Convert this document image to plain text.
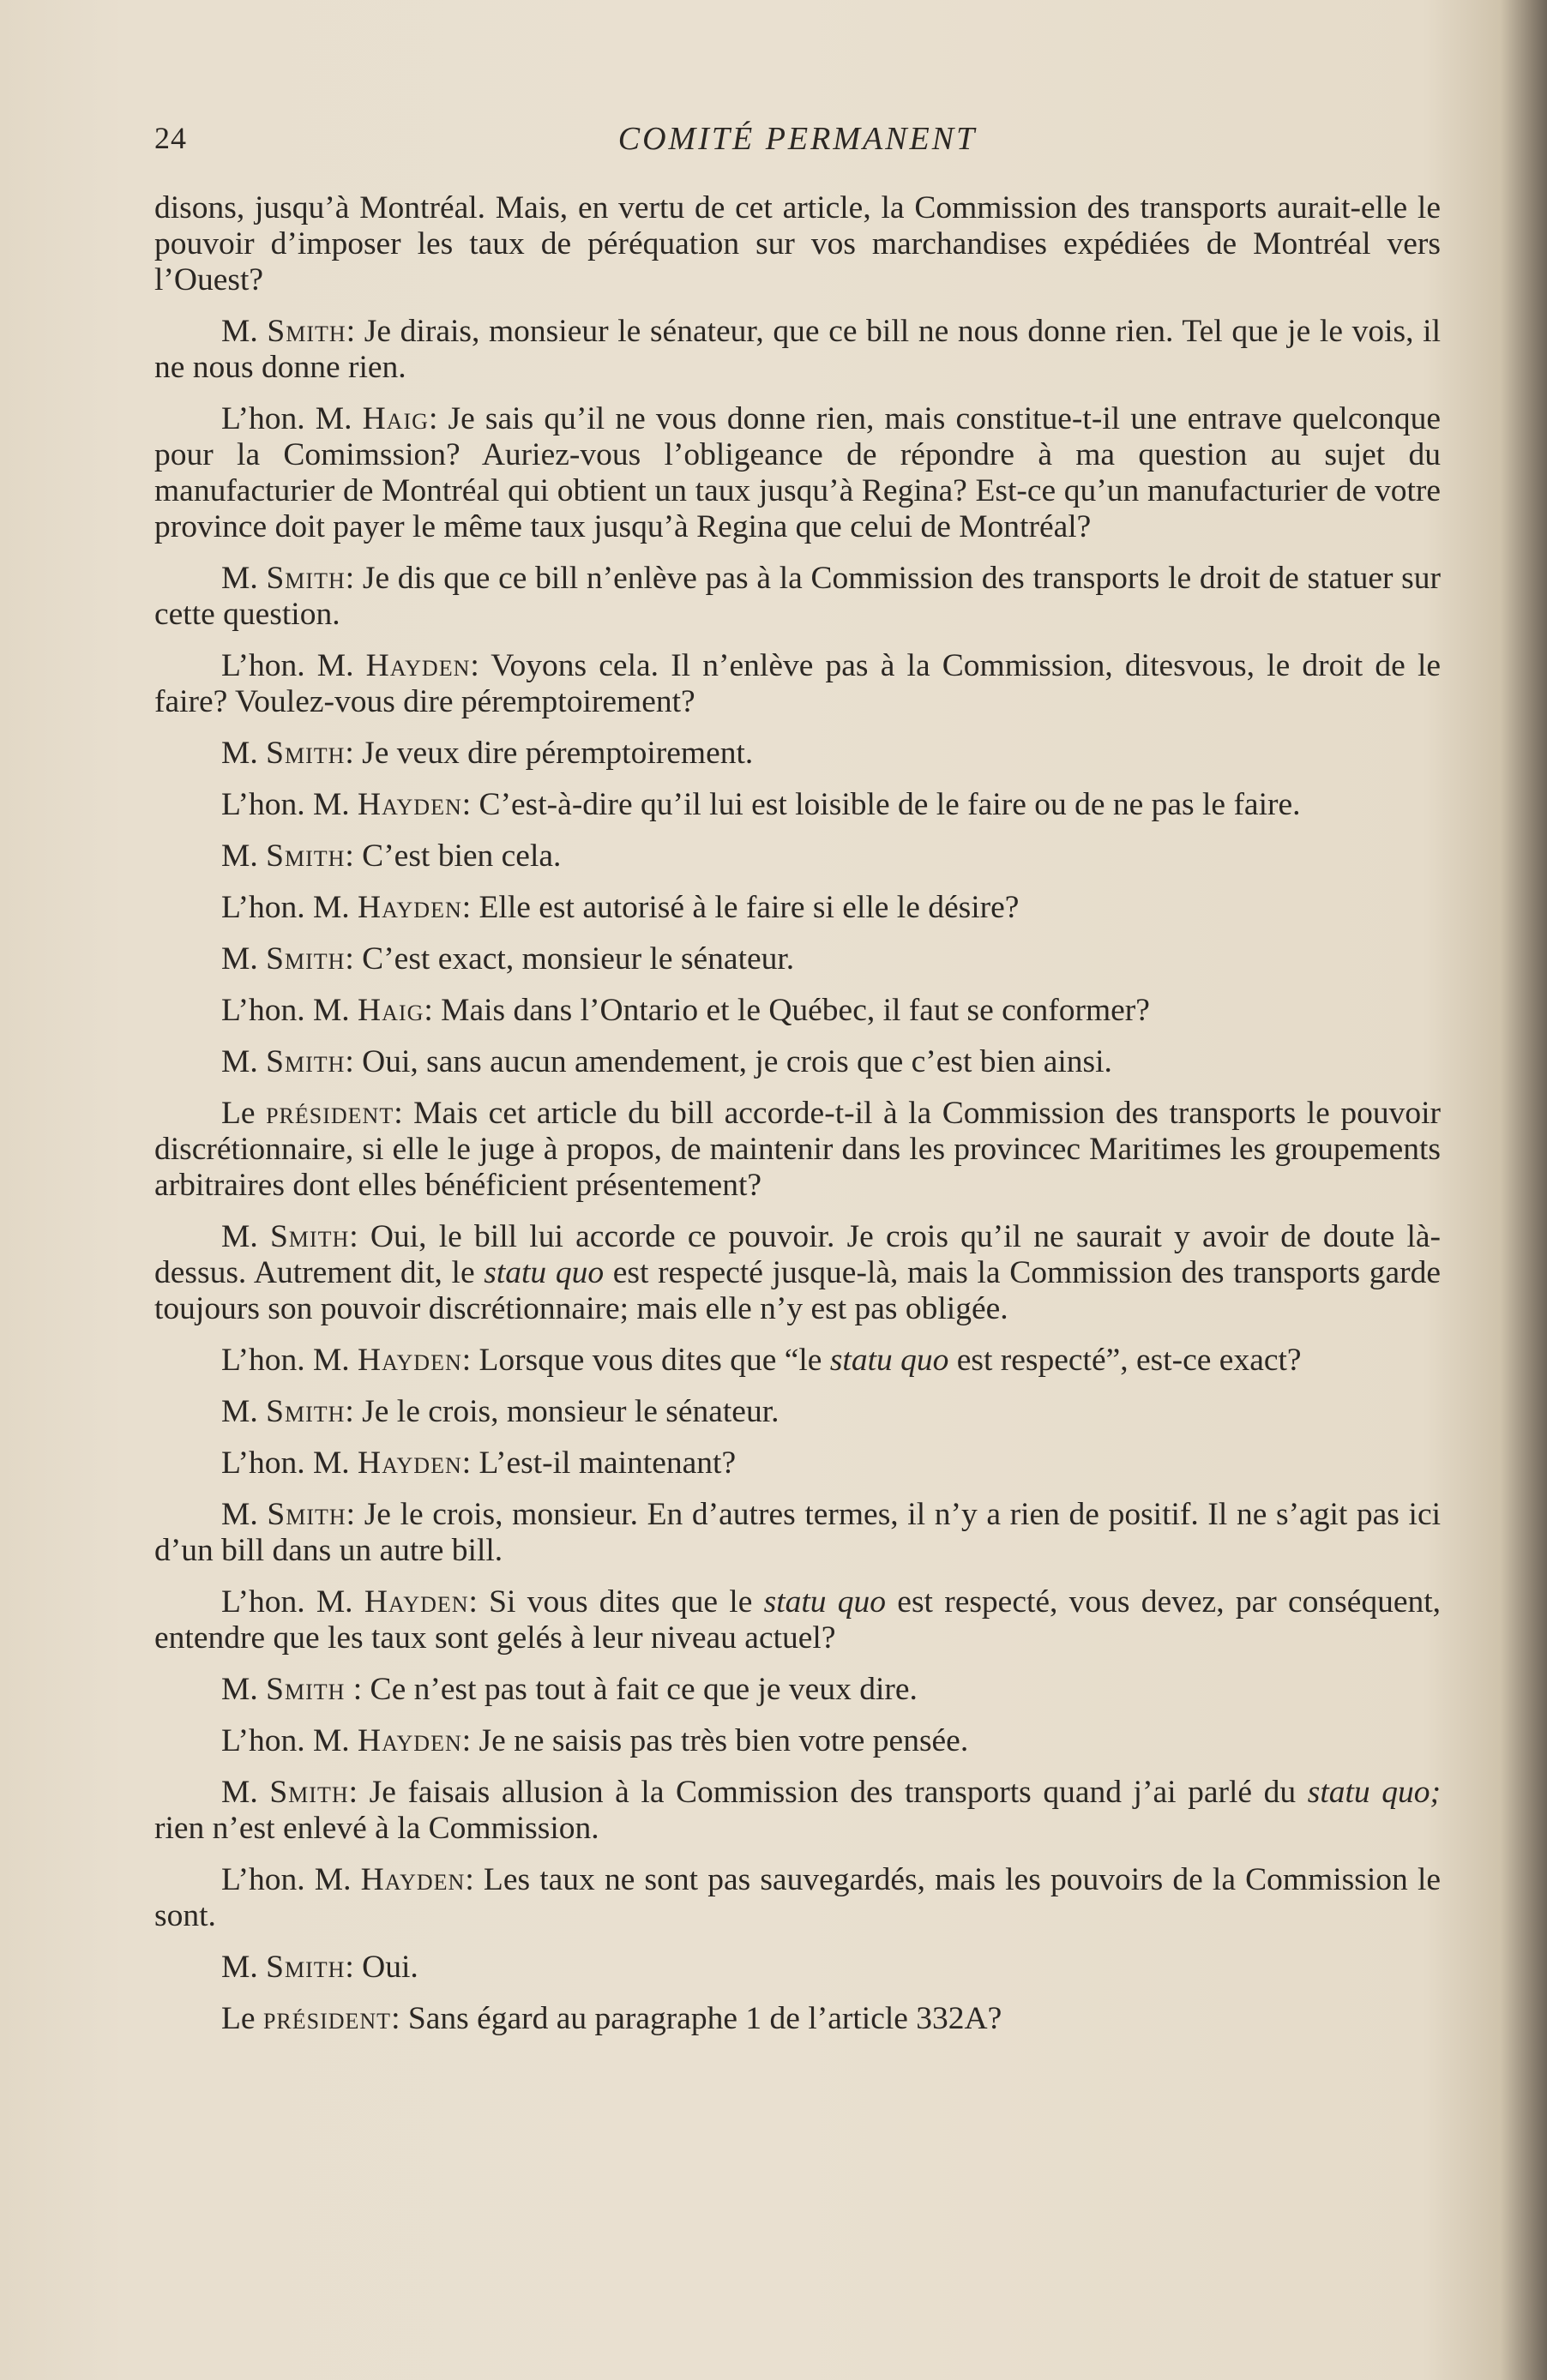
24	COMITÉ PERMANENT

disons, jusqu’à Montréal. Mais, en vertu de cet article, la Commission des transports aurait-elle le pouvoir d’imposer les taux de péréquation sur vos marchandises expédiées de Montréal vers l’Ouest?

M. Smith: Je dirais, monsieur le sénateur, que ce bill ne nous donne rien. Tel que je le vois, il ne nous donne rien.

L’hon. M. Haig: Je sais qu’il ne vous donne rien, mais constitue-t-il une entrave quelconque pour la Comimssion? Auriez-vous l’obligeance de répondre à ma question au sujet du manufacturier de Montréal qui obtient un taux jusqu’à Regina? Est-ce qu’un manufacturier de votre province doit payer le même taux jusqu’à Regina que celui de Montréal?

M. Smith: Je dis que ce bill n’enlève pas à la Commission des transports le droit de statuer sur cette question.

L’hon. M. Hayden: Voyons cela. Il n’enlève pas à la Commission, ditesvous, le droit de le faire? Voulez-vous dire péremptoirement?

M. Smith: Je veux dire péremptoirement.

L’hon. M. Hayden: C’est-à-dire qu’il lui est loisible de le faire ou de ne pas le faire.

M. Smith: C’est bien cela.

L’hon. M. Hayden: Elle est autorisé à le faire si elle le désire?

M. Smith: C’est exact, monsieur le sénateur.

L’hon. M. Haig: Mais dans l’Ontario et le Québec, il faut se conformer?

M. Smith: Oui, sans aucun amendement, je crois que c’est bien ainsi.

Le président: Mais cet article du bill accorde-t-il à la Commission des transports le pouvoir discrétionnaire, si elle le juge à propos, de maintenir dans les provincec Maritimes les groupements arbitraires dont elles bénéficient présentement?

M. Smith: Oui, le bill lui accorde ce pouvoir. Je crois qu’il ne saurait y avoir de doute là-dessus. Autrement dit, le statu quo est respecté jusque-là, mais la Commission des transports garde toujours son pouvoir discrétionnaire; mais elle n’y est pas obligée.

L’hon. M. Hayden: Lorsque vous dites que “le statu quo est respecté”, est-ce exact?

M. Smith: Je le crois, monsieur le sénateur.

L’hon. M. Hayden: L’est-il maintenant?

M. Smith: Je le crois, monsieur. En d’autres termes, il n’y a rien de positif. Il ne s’agit pas ici d’un bill dans un autre bill.

L’hon. M. Hayden: Si vous dites que le statu quo est respecté, vous devez, par conséquent, entendre que les taux sont gelés à leur niveau actuel?

M. Smith : Ce n’est pas tout à fait ce que je veux dire.

L’hon. M. Hayden: Je ne saisis pas très bien votre pensée.

M. Smith: Je faisais allusion à la Commission des transports quand j’ai parlé du statu quo; rien n’est enlevé à la Commission.

L’hon. M. Hayden: Les taux ne sont pas sauvegardés, mais les pouvoirs de la Commission le sont.

M. Smith: Oui.

Le président: Sans égard au paragraphe 1 de l’article 332A?
